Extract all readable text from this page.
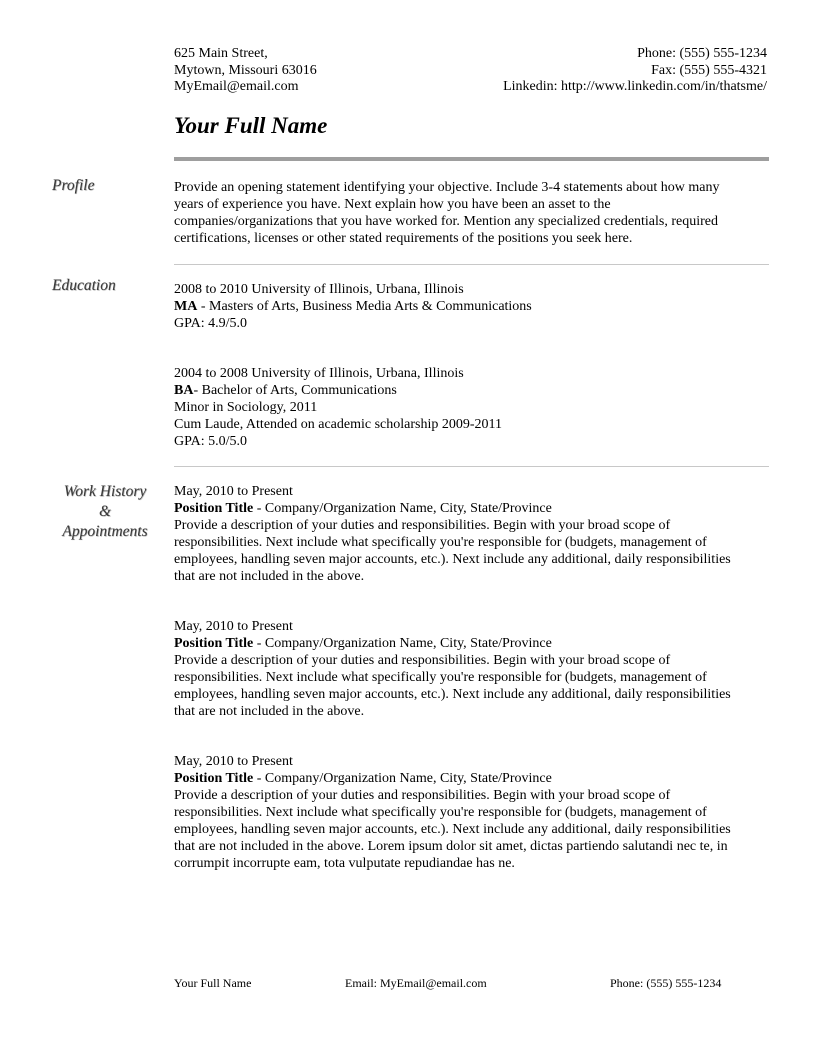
625 Main Street,
Mytown, Missouri 63016
MyEmail@email.com
Phone: (555) 555-1234
Fax: (555) 555-4321
Linkedin: http://www.linkedin.com/in/thatsme/
Your Full Name
Profile	Provide an opening statement identifying your objective. Include 3-4 statements about how many
years of experience you have. Next explain how you have been an asset to the
companies/organizations that you have worked for. Mention any specialized credentials, required
certifications, licenses or other stated requirements of the positions you seek here.
Education	2008 to 2010 University of Illinois, Urbana, Illinois
MA - Masters of Arts, Business Media Arts & Communications
GPA: 4.9/5.0
2004 to 2008 University of Illinois, Urbana, Illinois
BA- Bachelor of Arts, Communications
Minor in Sociology, 2011
Cum Laude, Attended on academic scholarship 2009-2011
GPA: 5.0/5.0
Work History
&
Appointments
May, 2010 to Present
Position Title - Company/Organization Name, City, State/Province
Provide a description of your duties and responsibilities. Begin with your broad scope of
responsibilities. Next include what specifically you're responsible for (budgets, management of
employees, handling seven major accounts, etc.). Next include any additional, daily responsibilities
that are not included in the above.
May, 2010 to Present
Position Title - Company/Organization Name, City, State/Province
Provide a description of your duties and responsibilities. Begin with your broad scope of
responsibilities. Next include what specifically you're responsible for (budgets, management of
employees, handling seven major accounts, etc.). Next include any additional, daily responsibilities
that are not included in the above.
May, 2010 to Present
Position Title - Company/Organization Name, City, State/Province
Provide a description of your duties and responsibilities. Begin with your broad scope of
responsibilities. Next include what specifically you're responsible for (budgets, management of
employees, handling seven major accounts, etc.). Next include any additional, daily responsibilities
that are not included in the above. Lorem ipsum dolor sit amet, dictas partiendo salutandi nec te, in
corrumpit incorrupte eam, tota vulputate repudiandae has ne.
Your Full Name	Email: MyEmail@email.com	Phone: (555) 555-1234
